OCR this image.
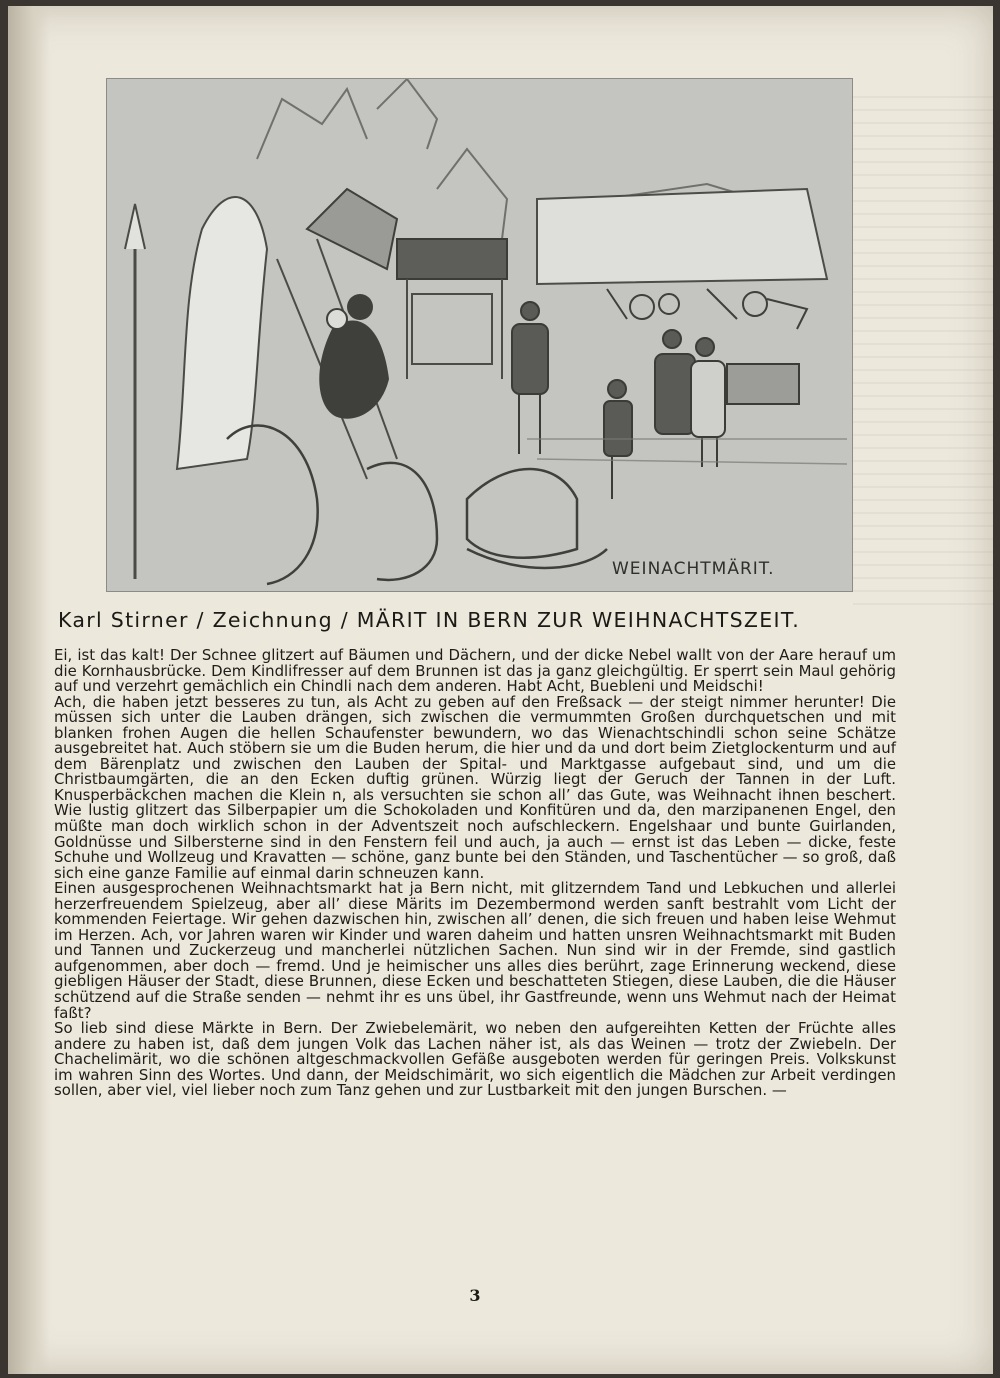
WEINACHTMÄRIT.
Karl Stirner / Zeichnung / MÄRIT IN BERN ZUR WEIHNACHTSZEIT.

Ei, ist das kalt! Der Schnee glitzert auf Bäumen und Dächern, und der dicke Nebel wallt von der Aare herauf um die Kornhausbrücke. Dem Kindlifresser auf dem Brunnen ist das ja ganz gleichgültig. Er sperrt sein Maul gehörig auf und verzehrt gemächlich ein Chindli nach dem anderen. Habt Acht, Buebleni und Meidschi!

Ach, die haben jetzt besseres zu tun, als Acht zu geben auf den Freßsack — der steigt nimmer herunter! Die müssen sich unter die Lauben drängen, sich zwischen die vermummten Großen durchquetschen und mit blanken frohen Augen die hellen Schaufenster bewundern, wo das Wienachtschindli schon seine Schätze ausgebreitet hat. Auch stöbern sie um die Buden herum, die hier und da und dort beim Zietglockenturm und auf dem Bärenplatz und zwischen den Lauben der Spital- und Marktgasse aufgebaut sind, und um die Christbaumgärten, die an den Ecken duftig grünen. Würzig liegt der Geruch der Tannen in der Luft. Knusperbäckchen machen die Klein n, als versuchten sie schon all’ das Gute, was Weihnacht ihnen beschert. Wie lustig glitzert das Silberpapier um die Schokoladen und Konfitüren und da, den marzipanenen Engel, den müßte man doch wirklich schon in der Adventszeit noch aufschleckern. Engelshaar und bunte Guirlanden, Goldnüsse und Silbersterne sind in den Fenstern feil und auch, ja auch — ernst ist das Leben — dicke, feste Schuhe und Wollzeug und Kravatten — schöne, ganz bunte bei den Ständen, und Taschentücher — so groß, daß sich eine ganze Familie auf einmal darin schneuzen kann.

Einen ausgesprochenen Weihnachtsmarkt hat ja Bern nicht, mit glitzerndem Tand und Lebkuchen und allerlei herzerfreuendem Spielzeug, aber all’ diese Märits im Dezembermond werden sanft bestrahlt vom Licht der kommenden Feiertage. Wir gehen dazwischen hin, zwischen all’ denen, die sich freuen und haben leise Wehmut im Herzen. Ach, vor Jahren waren wir Kinder und waren daheim und hatten unsren Weihnachtsmarkt mit Buden und Tannen und Zuckerzeug und mancherlei nützlichen Sachen. Nun sind wir in der Fremde, sind gastlich aufgenommen, aber doch — fremd. Und je heimischer uns alles dies berührt, zage Erinnerung weckend, diese giebligen Häuser der Stadt, diese Brunnen, diese Ecken und beschatteten Stiegen, diese Lauben, die die Häuser schützend auf die Straße senden — nehmt ihr es uns übel, ihr Gastfreunde, wenn uns Wehmut nach der Heimat faßt?

So lieb sind diese Märkte in Bern. Der Zwiebelemärit, wo neben den aufgereihten Ketten der Früchte alles andere zu haben ist, daß dem jungen Volk das Lachen näher ist, als das Weinen — trotz der Zwiebeln. Der Chachelimärit, wo die schönen altgeschmackvollen Gefäße ausgeboten werden für geringen Preis. Volkskunst im wahren Sinn des Wortes. Und dann, der Meidschimärit, wo sich eigentlich die Mädchen zur Arbeit verdingen sollen, aber viel, viel lieber noch zum Tanz gehen und zur Lustbarkeit mit den jungen Burschen. —

3
